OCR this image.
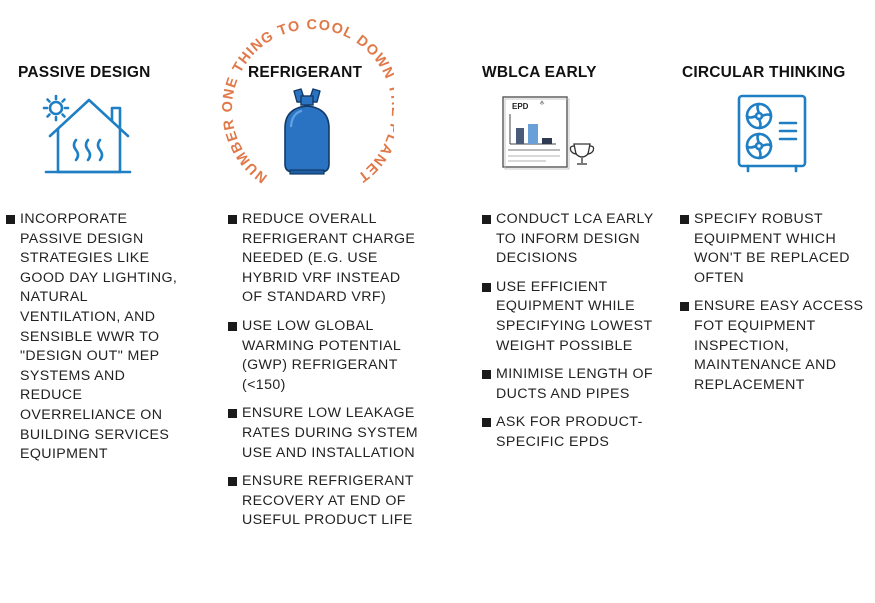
PASSIVE DESIGN
INCORPORATE PASSIVE DESIGN STRATEGIES LIKE GOOD DAY LIGHTING, NATURAL VENTILATION, AND SENSIBLE WWR TO "DESIGN OUT" MEP SYSTEMS AND REDUCE OVERRELIANCE ON BUILDING SERVICES EQUIPMENT
NUMBER ONE THING TO COOL DOW ANET
REFRIGERANT
REDUCE OVERALL REFRIGERANT CHARGE NEEDED (E.G. USE HYBRID VRF INSTEAD OF STANDARD VRF)
USE LOW GLOBAL WARMING POTENTIAL (GWP) REFRIGERANT (<150)
ENSURE LOW LEAKAGE RATES DURING SYSTEM USE AND INSTALLATION
ENSURE REFRIGERANT RECOVERY AT END OF USEFUL PRODUCT LIFE
WBLCA EARLY
EPD
CONDUCT LCA EARLY TO INFORM DESIGN DECISIONS
USE EFFICIENT EQUIPMENT WHILE SPECIFYING LOWEST WEIGHT POSSIBLE
MINIMISE LENGTH OF DUCTS AND PIPES
ASK FOR PRODUCT-SPECIFIC EPDS
CIRCULAR THINKING
SPECIFY ROBUST EQUIPMENT WHICH WON'T BE REPLACED OFTEN
ENSURE EASY ACCESS FOT EQUIPMENT INSPECTION, MAINTENANCE AND REPLACEMENT
